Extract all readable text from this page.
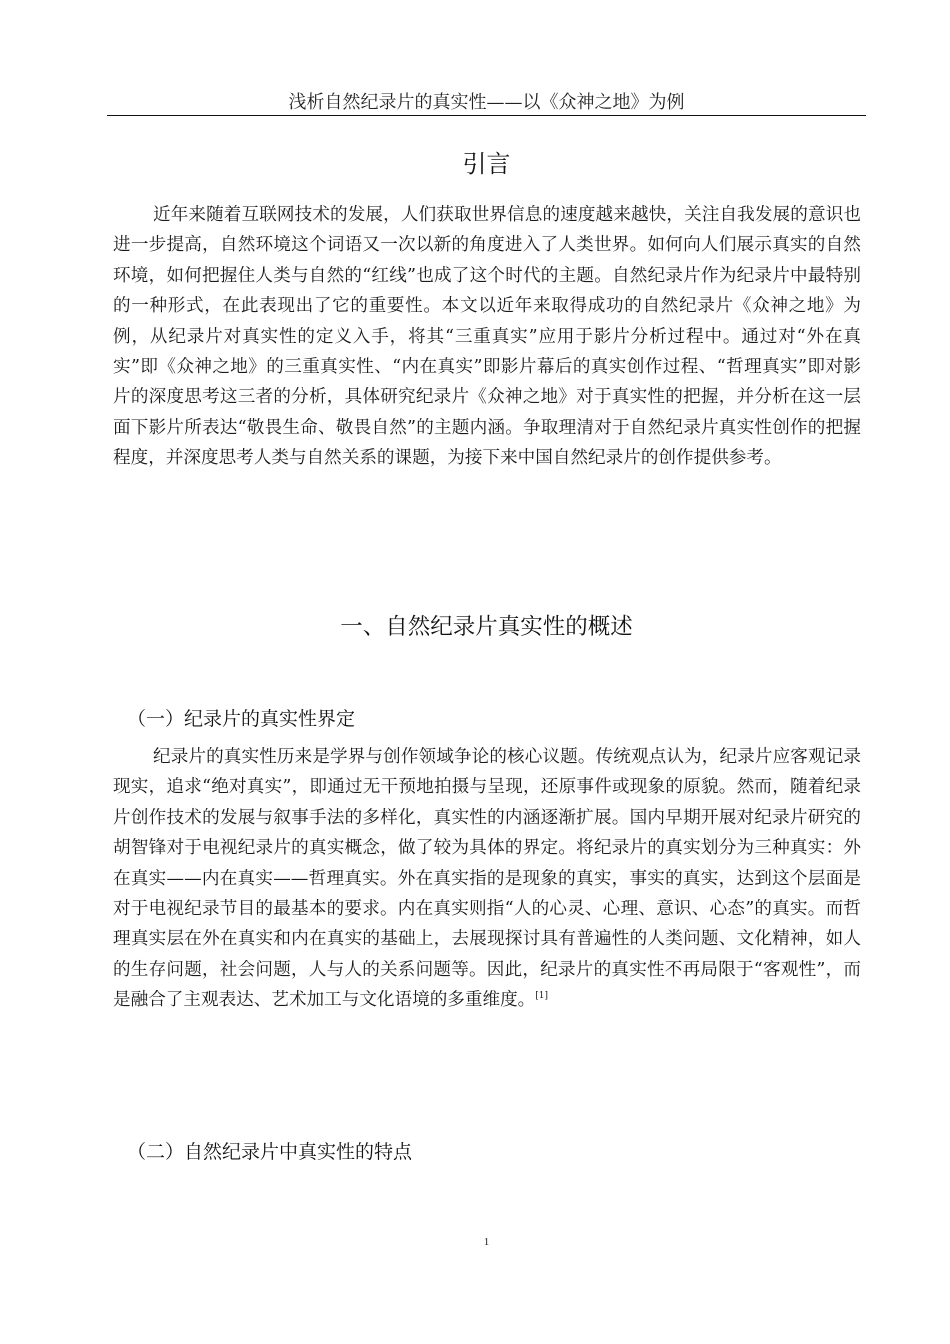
浅析自然纪录片的真实性——以《众神之地》为例
引言

近年来随着互联网技术的发展，人们获取世界信息的速度越来越快，关注自我发展的意识也进一步提高，自然环境这个词语又一次以新的角度进入了人类世界。如何向人们展示真实的自然环境，如何把握住人类与自然的“红线”也成了这个时代的主题。自然纪录片作为纪录片中最特别的一种形式，在此表现出了它的重要性。本文以近年来取得成功的自然纪录片《众神之地》为例，从纪录片对真实性的定义入手，将其“三重真实”应用于影片分析过程中。通过对“外在真实”即《众神之地》的三重真实性、“内在真实”即影片幕后的真实创作过程、“哲理真实”即对影片的深度思考这三者的分析，具体研究纪录片《众神之地》对于真实性的把握，并分析在这一层面下影片所表达“敬畏生命、敬畏自然”的主题内涵。争取理清对于自然纪录片真实性创作的把握程度，并深度思考人类与自然关系的课题，为接下来中国自然纪录片的创作提供参考。

一、自然纪录片真实性的概述
（一）纪录片的真实性界定

纪录片的真实性历来是学界与创作领域争论的核心议题。传统观点认为，纪录片应客观记录现实，追求“绝对真实”，即通过无干预地拍摄与呈现，还原事件或现象的原貌。然而，随着纪录片创作技术的发展与叙事手法的多样化，真实性的内涵逐渐扩展。国内早期开展对纪录片研究的胡智锋对于电视纪录片的真实概念，做了较为具体的界定。将纪录片的真实划分为三种真实：外在真实——内在真实——哲理真实。外在真实指的是现象的真实，事实的真实，达到这个层面是对于电视纪录节目的最基本的要求。内在真实则指“人的心灵、心理、意识、心态”的真实。而哲理真实层在外在真实和内在真实的基础上，去展现探讨具有普遍性的人类问题、文化精神，如人的生存问题，社会问题，人与人的关系问题等。因此，纪录片的真实性不再局限于“客观性”，而是融合了主观表达、艺术加工与文化语境的多重维度。[1]

（二）自然纪录片中真实性的特点
1
